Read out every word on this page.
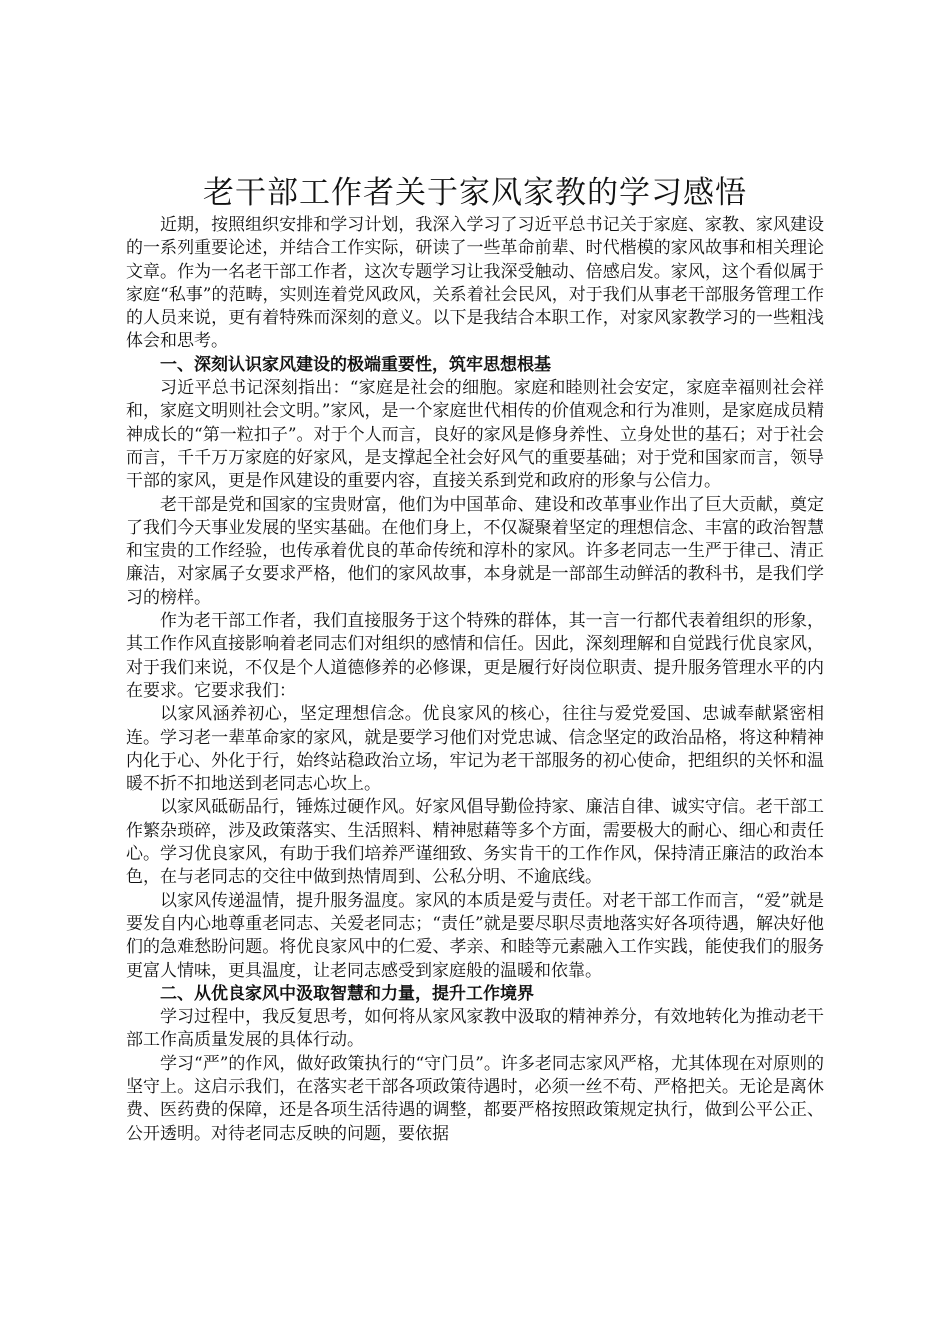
老干部工作者关于家风家教的学习感悟

近期，按照组织安排和学习计划，我深入学习了习近平总书记关于家庭、家教、家风建设的一系列重要论述，并结合工作实际，研读了一些革命前辈、时代楷模的家风故事和相关理论文章。作为一名老干部工作者，这次专题学习让我深受触动、倍感启发。家风，这个看似属于家庭“私事”的范畴，实则连着党风政风，关系着社会民风，对于我们从事老干部服务管理工作的人员来说，更有着特殊而深刻的意义。以下是我结合本职工作，对家风家教学习的一些粗浅体会和思考。

一、深刻认识家风建设的极端重要性，筑牢思想根基

习近平总书记深刻指出：“家庭是社会的细胞。家庭和睦则社会安定，家庭幸福则社会祥和，家庭文明则社会文明。”家风，是一个家庭世代相传的价值观念和行为准则，是家庭成员精神成长的“第一粒扣子”。对于个人而言，良好的家风是修身养性、立身处世的基石；对于社会而言，千千万万家庭的好家风，是支撑起全社会好风气的重要基础；对于党和国家而言，领导干部的家风，更是作风建设的重要内容，直接关系到党和政府的形象与公信力。

老干部是党和国家的宝贵财富，他们为中国革命、建设和改革事业作出了巨大贡献，奠定了我们今天事业发展的坚实基础。在他们身上，不仅凝聚着坚定的理想信念、丰富的政治智慧和宝贵的工作经验，也传承着优良的革命传统和淳朴的家风。许多老同志一生严于律己、清正廉洁，对家属子女要求严格，他们的家风故事，本身就是一部部生动鲜活的教科书，是我们学习的榜样。

作为老干部工作者，我们直接服务于这个特殊的群体，其一言一行都代表着组织的形象，其工作作风直接影响着老同志们对组织的感情和信任。因此，深刻理解和自觉践行优良家风，对于我们来说，不仅是个人道德修养的必修课，更是履行好岗位职责、提升服务管理水平的内在要求。它要求我们：

以家风涵养初心，坚定理想信念。优良家风的核心，往往与爱党爱国、忠诚奉献紧密相连。学习老一辈革命家的家风，就是要学习他们对党忠诚、信念坚定的政治品格，将这种精神内化于心、外化于行，始终站稳政治立场，牢记为老干部服务的初心使命，把组织的关怀和温暖不折不扣地送到老同志心坎上。

以家风砥砺品行，锤炼过硬作风。好家风倡导勤俭持家、廉洁自律、诚实守信。老干部工作繁杂琐碎，涉及政策落实、生活照料、精神慰藉等多个方面，需要极大的耐心、细心和责任心。学习优良家风，有助于我们培养严谨细致、务实肯干的工作作风，保持清正廉洁的政治本色，在与老同志的交往中做到热情周到、公私分明、不逾底线。

以家风传递温情，提升服务温度。家风的本质是爱与责任。对老干部工作而言，“爱”就是要发自内心地尊重老同志、关爱老同志；“责任”就是要尽职尽责地落实好各项待遇，解决好他们的急难愁盼问题。将优良家风中的仁爱、孝亲、和睦等元素融入工作实践，能使我们的服务更富人情味，更具温度，让老同志感受到家庭般的温暖和依靠。

二、从优良家风中汲取智慧和力量，提升工作境界

学习过程中，我反复思考，如何将从家风家教中汲取的精神养分，有效地转化为推动老干部工作高质量发展的具体行动。

学习“严”的作风，做好政策执行的“守门员”。许多老同志家风严格，尤其体现在对原则的坚守上。这启示我们，在落实老干部各项政策待遇时，必须一丝不苟、严格把关。无论是离休费、医药费的保障，还是各项生活待遇的调整，都要严格按照政策规定执行，做到公平公正、公开透明。对待老同志反映的问题，要依据
